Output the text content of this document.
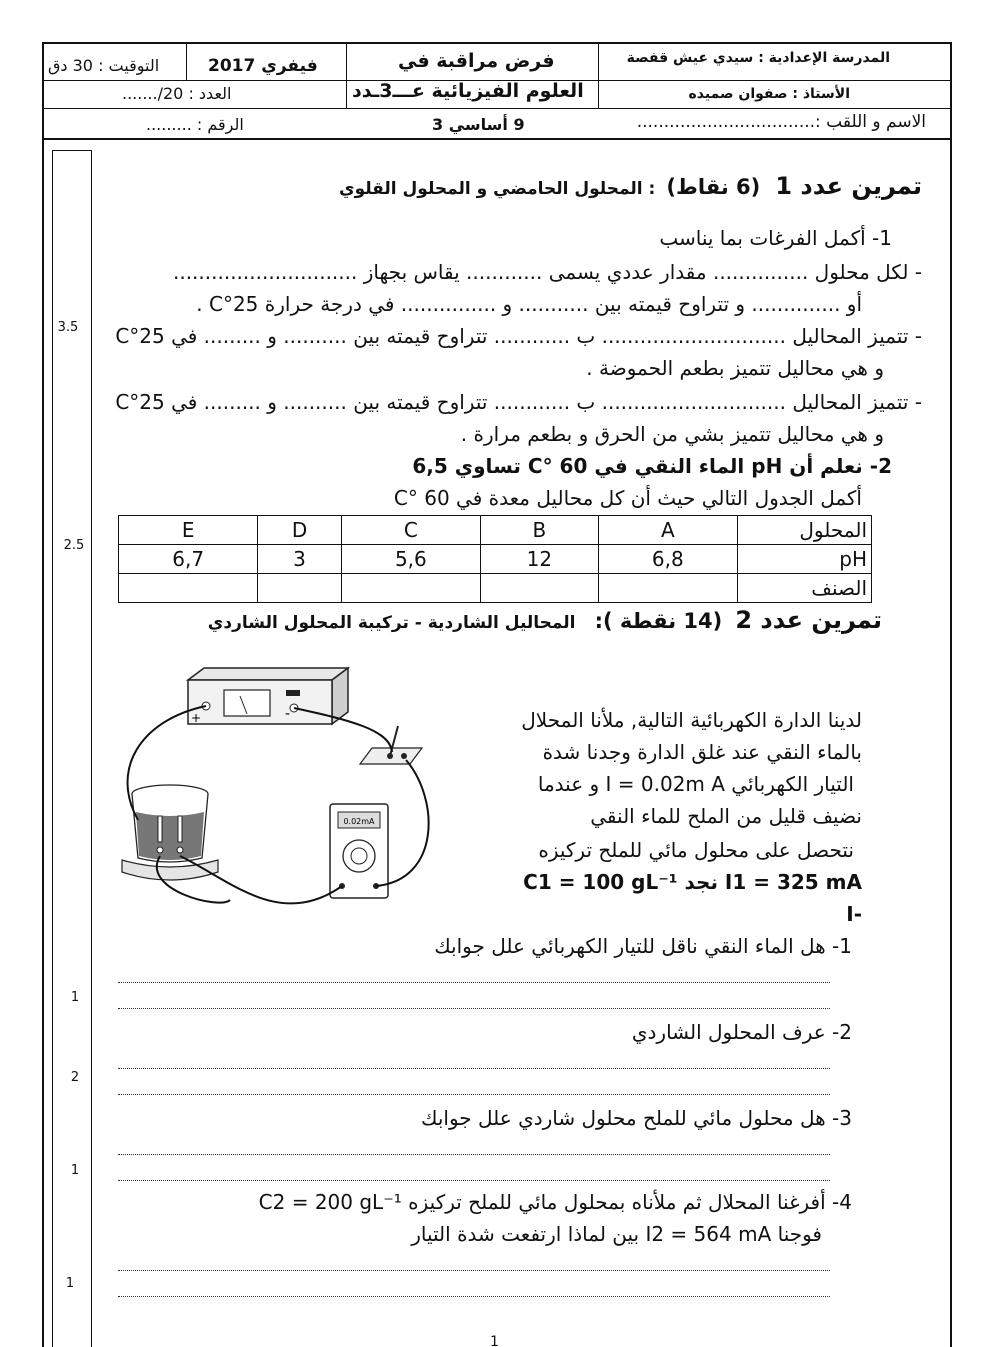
المدرسة الإعدادية : سيدي عيش قفصة
الأستاذ : صفوان صميده
الاسم و اللقب :.................................
فرض مراقبة في
العلوم الفيزيائية عـــ3ـدد
9 أساسي 3
فيفري 2017
التوقيت : 30 دق
العدد : 20/.......
الرقم : .........
3.5
2.5
1
2
1
1
تمرين عدد 1 (6 نقاط) : المحلول الحامضي و المحلول القلوي
1- أكمل الفرغات بما يناسب
- لكل محلول ............... مقدار عددي يسمى ............ يقاس بجهاز .............................
أو .............. و تتراوح قيمته بين ........... و ............... في درجة حرارة 25°C .
- تتميز المحاليل ............................. ب ............ تتراوح قيمته بين .......... و ......... في 25°C
و هي محاليل تتميز بطعم الحموضة .
- تتميز المحاليل ............................. ب ............ تتراوح قيمته بين .......... و ......... في 25°C
و هي محاليل تتميز بشي من الحرق و بطعم مرارة .
2- نعلم أن pH الماء النقي في 60 °C تساوي 6,5
أكمل الجدول التالي حيث أن كل محاليل معدة في 60 °C
المحلول	A	B	C	D	E
pH	6,8	12	5,6	3	6,7
الصنف					
تمرين عدد 2 (14 نقطة ): المحاليل الشاردية - تركيبة المحلول الشاردي
+	-
0.02mA
لدينا الدارة الكهربائية التالية, ملأنا المحلال
بالماء النقي عند غلق الدارة وجدنا شدة
التيار الكهربائي I = 0.02m A و عندما
نضيف قليل من الملح للماء النقي
نتحصل على محلول مائي للملح تركيزه
I1 = 325 mA نجد C1 = 100 gL⁻¹
-I
1- هل الماء النقي ناقل للتيار الكهربائي علل جوابك
2- عرف المحلول الشاردي
3- هل محلول مائي للملح محلول شاردي علل جوابك
4- أفرغنا المحلال ثم ملأناه بمحلول مائي للملح تركيزه C2 = 200 gL⁻¹
فوجنا I2 = 564 mA بين لماذا ارتفعت شدة التيار
1
